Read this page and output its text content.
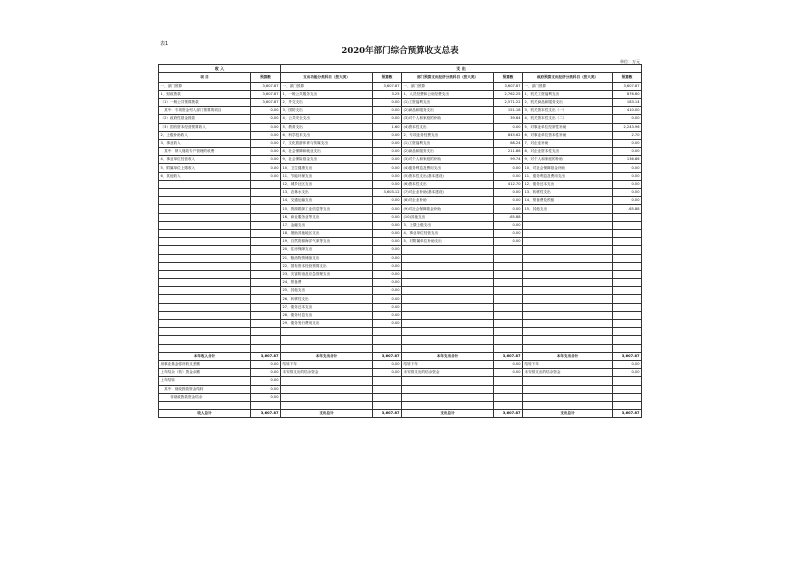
表1
2020年部门综合预算收支总表
单位：万元
收 入		支 出					
项 目	预算数	支出功能分类科目（按大类）	预算数	部门预算支出经济分类科目（按大类）	预算数	政府预算支出经济分类科目（按大类）	预算数
一、部门预算	3,607.87	一、部门预算	3,607.87	一、部门预算	3,607.87	一、部门预算	3,607.87
1、财政拨款	3,607.87	1、一般公共服务支出	3.25	1、人员经费和公用经费支出	2,762.25	1、机关工资福利支出	876.60
（1）一般公共预算拨款	3,607.87	2、外交支出	0.00	(1)工资福利支出	2,571.22	2、机关商品和服务支出	183.14
其中：专项资金列入部门预算的项目	0.00	3、国防支出	0.00	(2)商品和服务支出	151.18	3、机关资本性支出（一）	410.00
（2）政府性基金拨款	0.00	4、公共安全支出	0.00	(3)对个人和家庭的补助	39.84	4、机关资本性支出（二）	0.00
（3）国有资本经营预算收入	0.00	5、教育支出	1.60	(4)资本性支出	0.00	5、对事业单位经常性补助	2,243.96
2、上级补助收入	0.00	6、科学技术支出	0.00	2、专项业务经费支出	845.62	6、对事业单位资本性补助	2.70
3、事业收入	0.00	7、文化旅游体育与传媒支出	0.00	(1)工资福利支出	68.24	7、对企业补助	0.00
其中：纳入财政专户管理的收费	0.00	8、社会保障和就业支出	0.00	(2)商品和服务支出	211.86	8、对企业资本性支出	0.00
4、事业单位经营收入	0.00	9、社会保险基金支出	0.00	(3)对个人和家庭的补助	99.74	9、对个人和家庭的补助	136.86
5、附属单位上缴收入	0.00	10、卫生健康支出	0.00	(4)债务利息及费用支出	0.00	10、对社会保障基金补助	0.00
6、其他收入	0.00	11、节能环保支出	0.00	(5)资本性支出(基本建设)	0.00	11、债务利息及费用支出	0.00
		12、城乡社区支出	0.00	(6)资本性支出	412.70	12、债务还本支出	0.00
		13、农林水支出	3,603.12	(7)对企业补助(基本建设)	0.00	13、转移性支出	0.00
		14、交通运输支出	0.00	(8)对企业补助	0.00	14、预备费及预留	0.00
		15、资源勘探工业信息等支出	0.00	(9)对社会保障基金补助	0.00	15、其他支出	-65.88
		16、商业服务业等支出	0.00	(10)其他支出	-65.88		
		17、金融支出	0.00	3、上缴上级支出	0.00		
		18、援助其他地区支出	0.00	4、事业单位经营支出	0.00		
		19、自然资源海洋气象等支出	0.00	5、对附属单位补助支出	0.00		
		20、住房保障支出	0.00				
		21、粮油物资储备支出	0.00				
		22、国有资本经营预算支出	0.00				
		23、灾害防治及应急管理支出	0.00				
		24、预备费	0.00				
		25、其他支出	0.00				
		26、转移性支出	0.00				
		27、债务还本支出	0.00				
		28、债务付息支出	0.00				
		29、债务发行费用支出	0.00				

本年收入合计	3,607.87	本年支出合计	3,607.87	本年支出合计	3,607.87	本年支出合计	3,607.87
用事业基金弥补收支差额	0.00	结转下年	0.00	结转下年	0.00	结转下年	0.00
上年结余（转）资金余额	0.00	未安排支出的结余资金	0.00	未安排支出的结余资金	0.00	未安排支出的结余资金	0.00
上年结转	0.00						
其中：财政拨款资金结转	0.00						
非财政拨款资金结余	0.00						

收入总计	3,607.87	支出总计	3,607.87	支出总计	3,607.87	支出总计	3,607.87
